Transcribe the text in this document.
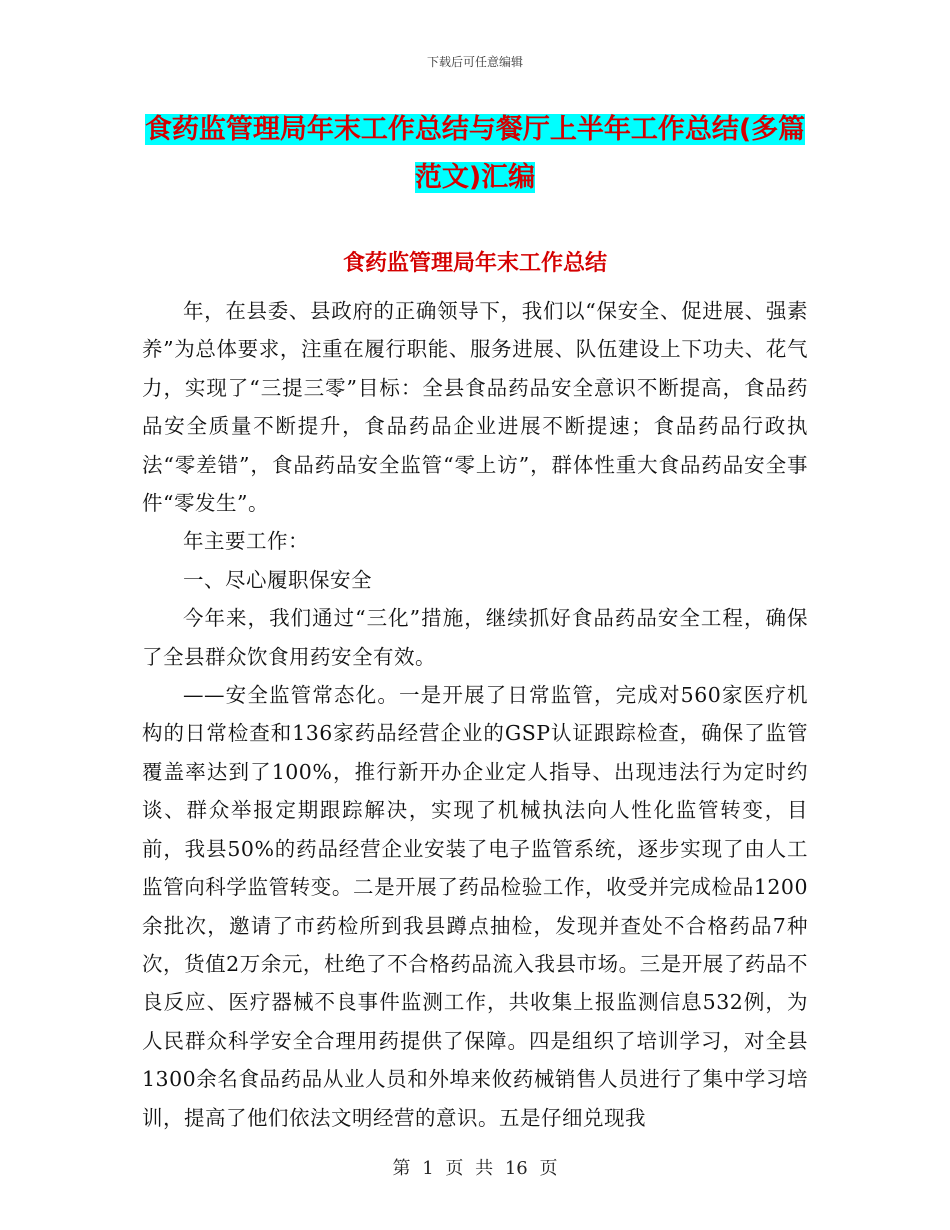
下载后可任意编辑
食药监管理局年末工作总结与餐厅上半年工作总结(多篇范文)汇编
食药监管理局年末工作总结

年，在县委、县政府的正确领导下，我们以“保安全、促进展、强素养”为总体要求，注重在履行职能、服务进展、队伍建设上下功夫、花气力，实现了“三提三零”目标：全县食品药品安全意识不断提高，食品药品安全质量不断提升，食品药品企业进展不断提速；食品药品行政执法“零差错”，食品药品安全监管“零上访”，群体性重大食品药品安全事件“零发生”。

年主要工作：

一、尽心履职保安全

今年来，我们通过“三化”措施，继续抓好食品药品安全工程，确保了全县群众饮食用药安全有效。

——安全监管常态化。一是开展了日常监管，完成对560家医疗机构的日常检查和136家药品经营企业的GSP认证跟踪检查，确保了监管覆盖率达到了100%，推行新开办企业定人指导、出现违法行为定时约谈、群众举报定期跟踪解决，实现了机械执法向人性化监管转变，目前，我县50%的药品经营企业安装了电子监管系统，逐步实现了由人工监管向科学监管转变。二是开展了药品检验工作，收受并完成检品1200余批次，邀请了市药检所到我县蹲点抽检，发现并查处不合格药品7种次，货值2万余元，杜绝了不合格药品流入我县市场。三是开展了药品不良反应、医疗器械不良事件监测工作，共收集上报监测信息532例，为人民群众科学安全合理用药提供了保障。四是组织了培训学习，对全县1300余名食品药品从业人员和外埠来攸药械销售人员进行了集中学习培训，提高了他们依法文明经营的意识。五是仔细兑现我

第 1 页 共 16 页
